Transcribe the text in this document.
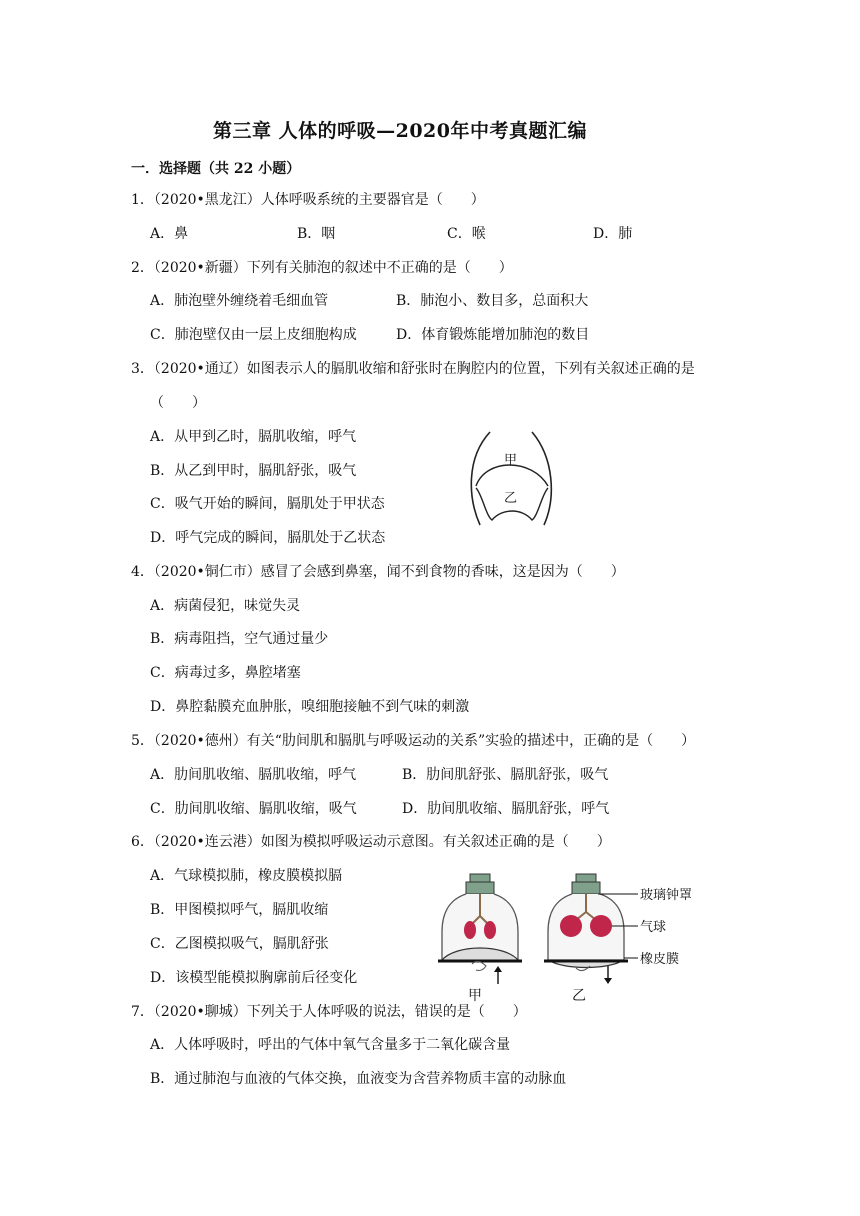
第三章 人体的呼吸—2020年中考真题汇编
一．选择题（共 22 小题）
1．（2020•黑龙江）人体呼吸系统的主要器官是（　　）
A．鼻	B．咽	C．喉	D．肺
2．（2020•新疆）下列有关肺泡的叙述中不正确的是（　　）
A．肺泡壁外缠绕着毛细血管	B．肺泡小、数目多，总面积大
C．肺泡壁仅由一层上皮细胞构成	D．体育锻炼能增加肺泡的数目
3．（2020•通辽）如图表示人的膈肌收缩和舒张时在胸腔内的位置，下列有关叙述正确的是
（　　）
A．从甲到乙时，膈肌收缩，呼气
B．从乙到甲时，膈肌舒张，吸气
C．吸气开始的瞬间，膈肌处于甲状态
D．呼气完成的瞬间，膈肌处于乙状态
甲
乙
4．（2020•铜仁市）感冒了会感到鼻塞，闻不到食物的香味，这是因为（　　）
A．病菌侵犯，味觉失灵
B．病毒阻挡，空气通过量少
C．病毒过多，鼻腔堵塞
D．鼻腔黏膜充血肿胀，嗅细胞接触不到气味的刺激
5．（2020•德州）有关“肋间肌和膈肌与呼吸运动的关系”实验的描述中，正确的是（　　）
A．肋间肌收缩、膈肌收缩，呼气	B．肋间肌舒张、膈肌舒张，吸气
C．肋间肌收缩、膈肌收缩，吸气	D．肋间肌收缩、膈肌舒张，呼气
6．（2020•连云港）如图为模拟呼吸运动示意图。有关叙述正确的是（　　）
A．气球模拟肺，橡皮膜模拟膈
B．甲图模拟呼气，膈肌收缩
C．乙图模拟吸气，膈肌舒张
D．该模型能模拟胸廓前后径变化
甲	乙
玻璃钟罩
气球
橡皮膜
7．（2020•聊城）下列关于人体呼吸的说法，错误的是（　　）
A．人体呼吸时，呼出的气体中氧气含量多于二氧化碳含量
B．通过肺泡与血液的气体交换，血液变为含营养物质丰富的动脉血
